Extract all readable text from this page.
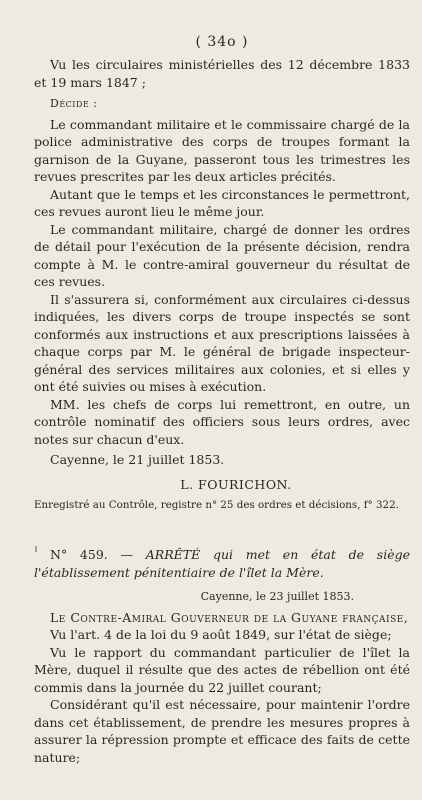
( 34o )

Vu les circulaires ministérielles des 12 décembre 1833 et 19 mars 1847 ;

Décide :

Le commandant militaire et le commissaire chargé de la police administrative des corps de troupes formant la garnison de la Guyane, passeront tous les trimestres les revues prescrites par les deux articles précités.

Autant que le temps et les circonstances le permettront, ces revues auront lieu le même jour.

Le commandant militaire, chargé de donner les ordres de détail pour l'exécution de la présente décision, rendra compte à M. le contre-amiral gouverneur du résultat de ces revues.

Il s'assurera si, conformément aux circulaires ci-dessus indiquées, les divers corps de troupe inspectés se sont conformés aux instructions et aux prescriptions laissées à chaque corps par M. le général de brigade inspecteur-général des services militaires aux colonies, et si elles y ont été suivies ou mises à exécution.

MM. les chefs de corps lui remettront, en outre, un contrôle nominatif des officiers sous leurs ordres, avec notes sur chacun d'eux.

Cayenne, le 21 juillet 1853.

L. FOURICHON.

Enregistré au Contrôle, registre n° 25 des ordres et décisions, f° 322.

N° 459. — ARRÊTÉ qui met en état de siège l'établissement pénitentiaire de l'îlet la Mère.

Cayenne, le 23 juillet 1853.

Le Contre-Amiral Gouverneur de la Guyane française,

Vu l'art. 4 de la loi du 9 août 1849, sur l'état de siège;

Vu le rapport du commandant particulier de l'îlet la Mère, duquel il résulte que des actes de rébellion ont été commis dans la journée du 22 juillet courant;

Considérant qu'il est nécessaire, pour maintenir l'ordre dans cet établissement, de prendre les mesures propres à assurer la répression prompte et efficace des faits de cette nature;
